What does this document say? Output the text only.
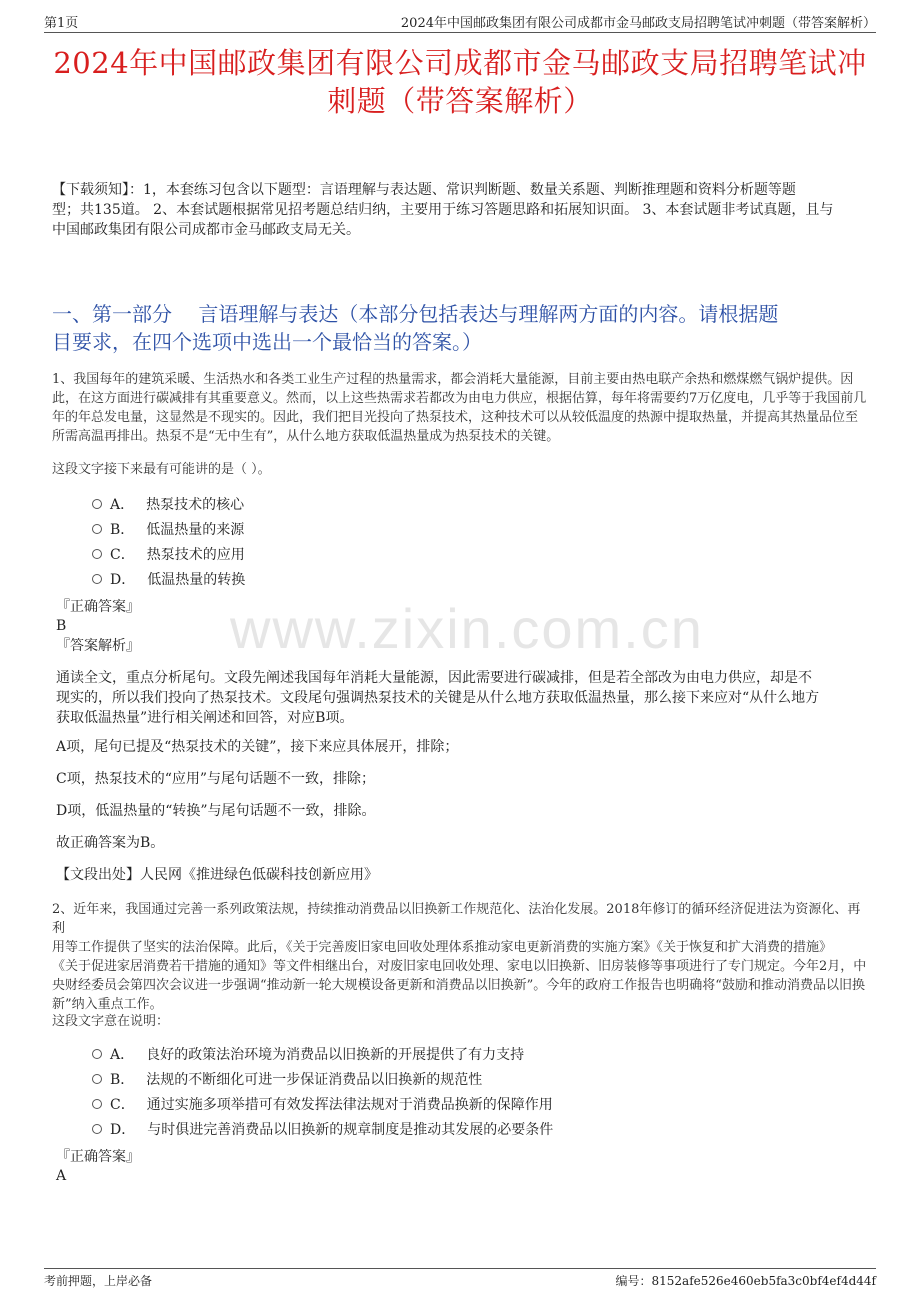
第1页	2024年中国邮政集团有限公司成都市金马邮政支局招聘笔试冲刺题（带答案解析）
2024年中国邮政集团有限公司成都市金马邮政支局招聘笔试冲
刺题（带答案解析）
www.zixin.com.cn
【下载须知】：1，本套练习包含以下题型：言语理解与表达题、常识判断题、数量关系题、判断推理题和资料分析题等题
型；共135道。 2、本套试题根据常见招考题总结归纳，主要用于练习答题思路和拓展知识面。 3、本套试题非考试真题，且与
中国邮政集团有限公司成都市金马邮政支局无关。
一、第一部分　 言语理解与表达（本部分包括表达与理解两方面的内容。请根据题
目要求，在四个选项中选出一个最恰当的答案。）
1、我国每年的建筑采暖、生活热水和各类工业生产过程的热量需求，都会消耗大量能源，目前主要由热电联产余热和燃煤燃气锅炉提供。因
此，在这方面进行碳减排有其重要意义。然而，以上这些热需求若都改为由电力供应，根据估算，每年将需要约7万亿度电，几乎等于我国前几
年的年总发电量，这显然是不现实的。因此，我们把目光投向了热泵技术，这种技术可以从较低温度的热源中提取热量，并提高其热量品位至
所需高温再排出。热泵不是“无中生有”，从什么地方获取低温热量成为热泵技术的关键。
这段文字接下来最有可能讲的是（ ）。
A． 热泵技术的核心
B． 低温热量的来源
C． 热泵技术的应用
D． 低温热量的转换
『正确答案』
B
『答案解析』
通读全文，重点分析尾句。文段先阐述我国每年消耗大量能源，因此需要进行碳减排，但是若全部改为由电力供应，却是不
现实的，所以我们投向了热泵技术。文段尾句强调热泵技术的关键是从什么地方获取低温热量，那么接下来应对“从什么地方
获取低温热量”进行相关阐述和回答，对应B项。
A项，尾句已提及“热泵技术的关键”，接下来应具体展开，排除；
C项，热泵技术的“应用”与尾句话题不一致，排除；
D项，低温热量的“转换”与尾句话题不一致，排除。
故正确答案为B。
【文段出处】人民网《推进绿色低碳科技创新应用》
2、近年来，我国通过完善一系列政策法规，持续推动消费品以旧换新工作规范化、法治化发展。2018年修订的循环经济促进法为资源化、再利
用等工作提供了坚实的法治保障。此后，《关于完善废旧家电回收处理体系推动家电更新消费的实施方案》《关于恢复和扩大消费的措施》
《关于促进家居消费若干措施的通知》等文件相继出台，对废旧家电回收处理、家电以旧换新、旧房装修等事项进行了专门规定。今年2月，中
央财经委员会第四次会议进一步强调“推动新一轮大规模设备更新和消费品以旧换新”。今年的政府工作报告也明确将“鼓励和推动消费品以旧换
新”纳入重点工作。
这段文字意在说明：
A． 良好的政策法治环境为消费品以旧换新的开展提供了有力支持
B． 法规的不断细化可进一步保证消费品以旧换新的规范性
C． 通过实施多项举措可有效发挥法律法规对于消费品换新的保障作用
D． 与时俱进完善消费品以旧换新的规章制度是推动其发展的必要条件
『正确答案』
A
考前押题，上岸必备	编号：8152afe526e460eb5fa3c0bf4ef4d44f
